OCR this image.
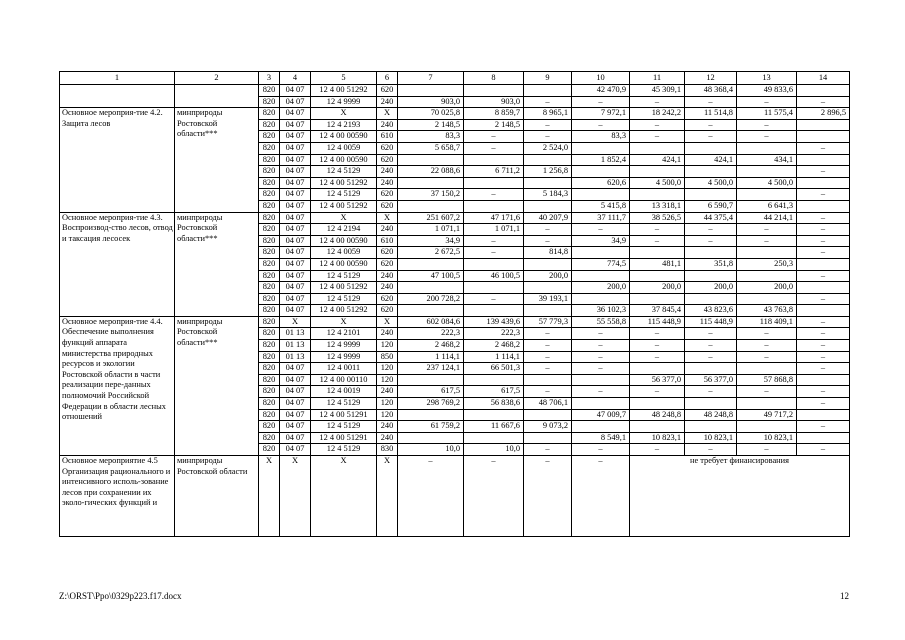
1	2	3	4	5	6	7	8	9	10	11	12	13	14
		820	04 07	12 4 00 51292	620				42 470,9	45 309,1	48 368,4	49 833,6	
		820	04 07	12 4 9999	240	903,0	903,0	–	–	–	–	–	–
Основное мероприя-тие 4.2. Защита лесов	минприроды Ростовской области***	820	04 07	Х	Х	70 025,8	8 859,7	8 965,1	7 972,1	18 242,2	11 514,8	11 575,4	2 896,5
		820	04 07	12 4 2193	240	2 148,5	2 148,5	–	–	–	–	–	
		820	04 07	12 4 00 00590	610	83,3	–	–	83,3	–	–	–	
		820	04 07	12 4 0059	620	5 658,7	–	2 524,0					–
		820	04 07	12 4 00 00590	620				1 852,4	424,1	424,1	434,1	
		820	04 07	12 4 5129	240	22 088,6	6 711,2	1 256,8					–
		820	04 07	12 4 00 51292	240				620,6	4 500,0	4 500,0	4 500,0	
		820	04 07	12 4 5129	620	37 150,2	–	5 184,3					–
		820	04 07	12 4 00 51292	620				5 415,8	13 318,1	6 590,7	6 641,3	
Основное мероприя-тие 4.3. Воспроизвод-ство лесов, отвод и таксация лесосек	минприроды Ростовской области***	820	04 07	Х	Х	251 607,2	47 171,6	40 207,9	37 111,7	38 526,5	44 375,4	44 214,1	–
		820	04 07	12 4 2194	240	1 071,1	1 071,1	–	–	–	–	–	–
		820	04 07	12 4 00 00590	610	34,9	–	–	34,9	–	–	–	–
		820	04 07	12 4 0059	620	2 672,5	–	814,8					–
		820	04 07	12 4 00 00590	620				774,5	481,1	351,8	250,3	
		820	04 07	12 4 5129	240	47 100,5	46 100,5	200,0					–
		820	04 07	12 4 00 51292	240				200,0	200,0	200,0	200,0	
		820	04 07	12 4 5129	620	200 728,2	–	39 193,1					–
		820	04 07	12 4 00 51292	620				36 102,3	37 845,4	43 823,6	43 763,8	
Основное мероприя-тие 4.4. Обеспечение выполнения функций аппарата министерства природных ресурсов и экологии Ростовской области в части реализации пере-данных полномочий Российской Федерации в области лесных отношений	минприроды Ростовской области***	820	Х	Х	Х	602 084,6	139 439,6	57 779,3	55 558,8	115 448,9	115 448,9	118 409,1	–
		820	01 13	12 4 2101	240	222,3	222,3	–	–	–	–	–	–
		820	01 13	12 4 9999	120	2 468,2	2 468,2	–	–	–	–	–	–
		820	01 13	12 4 9999	850	1 114,1	1 114,1	–	–	–	–	–	–
		820	04 07	12 4 0011	120	237 124,1	66 501,3	–	–				–
		820	04 07	12 4 00 00110	120					56 377,0	56 377,0	57 868,8	
		820	04 07	12 4 0019	240	617,5	617,5	–	–	–	–	–	–
		820	04 07	12 4 5129	120	298 769,2	56 838,6	48 706,1					–
		820	04 07	12 4 00 51291	120				47 009,7	48 248,8	48 248,8	49 717,2	
		820	04 07	12 4 5129	240	61 759,2	11 667,6	9 073,2					–
		820	04 07	12 4 00 51291	240				8 549,1	10 823,1	10 823,1	10 823,1	
		820	04 07	12 4 5129	830	10,0	10,0	–	–	–	–	–	–
Основное мероприятие 4.5 Организация рационального и интенсивного исполь-зование лесов при сохранении их эколо-гических функций и	минприроды Ростовской области	Х	Х	Х	Х	–	–	–	–	не требует финансирования			
Z:\ORST\Ppo\0329p223.f17.docx	12
